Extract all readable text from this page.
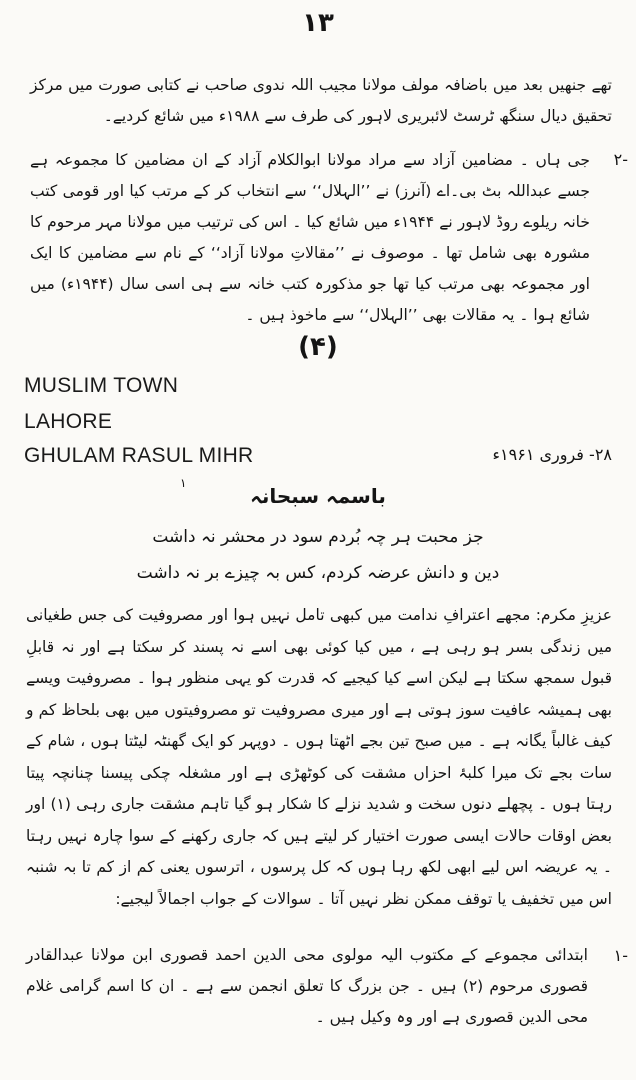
۱۳
تھے جنھیں بعد میں باضافہ مولف مولانا مجیب اللہ ندوی صاحب نے کتابی صورت میں مرکز تحقیق دیال سنگھ ٹرسٹ لائبریری لاہور کی طرف سے ۱۹۸۸ء میں شائع کردیے۔
۲-
جی ہاں ۔ مضامین آزاد سے مراد مولانا ابوالکلام آزاد کے ان مضامین کا مجموعہ ہے جسے عبداللہ بٹ بی۔اے (آنرز) نے ’’الہلال‘‘ سے انتخاب کر کے مرتب کیا اور قومی کتب خانہ ریلوے روڈ لاہور نے ۱۹۴۴ء میں شائع کیا ۔ اس کی ترتیب میں مولانا مہر مرحوم کا مشورہ بھی شامل تھا ۔ موصوف نے ’’مقالاتِ مولانا آزاد‘‘ کے نام سے مضامین کا ایک اور مجموعہ بھی مرتب کیا تھا جو مذکورہ کتب خانہ سے ہی اسی سال (۱۹۴۴ء) میں شائع ہوا ۔ یہ مقالات بھی ’’الہلال‘‘ سے ماخوذ ہیں ۔
(۴)
MUSLIM TOWN
LAHORE
GHULAM RASUL MIHR	۲۸- فروری ۱۹۶۱ء
۱
باسمہ سبحانہ
جز محبت ہر چہ بُردم سود در محشر نہ داشت
دین و دانش عرضہ کردم، کس بہ چیزے بر نہ داشت
عزیزِ مکرم: مجھے اعترافِ ندامت میں کبھی تامل نہیں ہوا اور مصروفیت کی جس طغیانی میں زندگی بسر ہو رہی ہے ، میں کیا کوئی بھی اسے نہ پسند کر سکتا ہے اور نہ قابلِ قبول سمجھ سکتا ہے لیکن اسے کیا کیجیے کہ قدرت کو یہی منظور ہوا ۔ مصروفیت ویسے بھی ہمیشہ عافیت سوز ہوتی ہے اور میری مصروفیت تو مصروفیتوں میں بھی بلحاظ کم و کیف غالباً یگانہ ہے ۔ میں صبح تین بجے اٹھتا ہوں ۔ دوپہر کو ایک گھنٹہ لیٹتا ہوں ، شام کے سات بجے تک میرا کلبۂ احزاں مشقت کی کوٹھڑی ہے اور مشغلہ چکی پیسنا چنانچہ پیتا رہتا ہوں ۔ پچھلے دنوں سخت و شدید نزلے کا شکار ہو گیا تاہم مشقت جاری رہی (۱) اور بعض اوقات حالات ایسی صورت اختیار کر لیتے ہیں کہ جاری رکھنے کے سوا چارہ نہیں رہتا ۔ یہ عریضہ اس لیے ابھی لکھ رہا ہوں کہ کل پرسوں ، اترسوں یعنی کم از کم تا بہ شنبہ اس میں تخفیف یا توقف ممکن نظر نہیں آتا ۔ سوالات کے جواب اجمالاً لیجیے:
۱-
ابتدائی مجموعے کے مکتوب الیہ مولوی محی الدین احمد قصوری ابن مولانا عبدالقادر قصوری مرحوم (۲) ہیں ۔ جن بزرگ کا تعلق انجمن سے ہے ۔ ان کا اسم گرامی غلام محی الدین قصوری ہے اور وہ وکیل ہیں ۔
